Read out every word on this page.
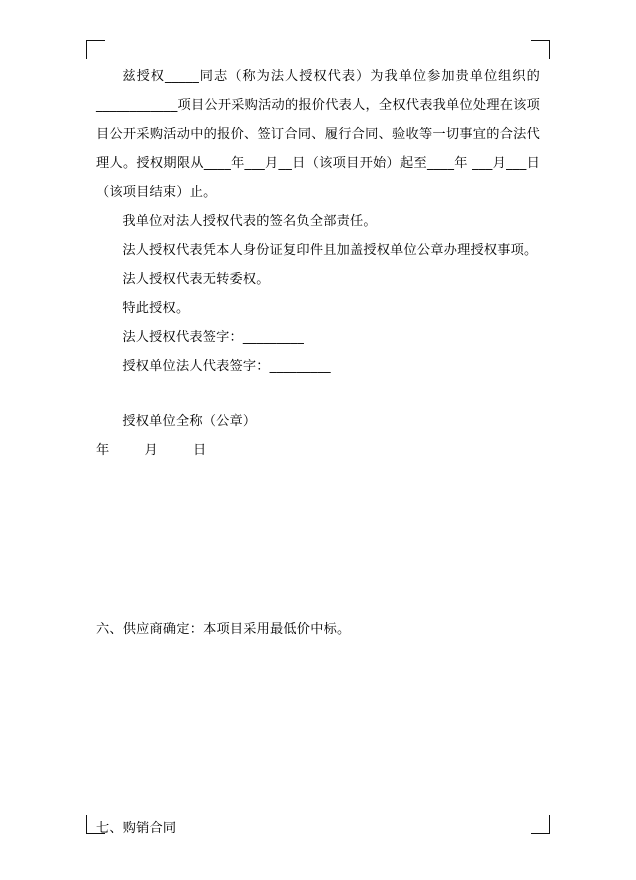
兹授权_____同志（称为法人授权代表）为我单位参加贵单位组织的____________项目公开采购活动的报价代表人，全权代表我单位处理在该项目公开采购活动中的报价、签订合同、履行合同、验收等一切事宜的合法代理人。授权期限从____年___月__日（该项目开始）起至____年 ___月___日（该项目结束）止。

我单位对法人授权代表的签名负全部责任。

法人授权代表凭本人身份证复印件且加盖授权单位公章办理授权事项。

法人授权代表无转委权。

特此授权。

法人授权代表签字：_________

授权单位法人代表签字：_________

授权单位全称（公章）

年        月        日
六、供应商确定：本项目采用最低价中标。
七、购销合同
